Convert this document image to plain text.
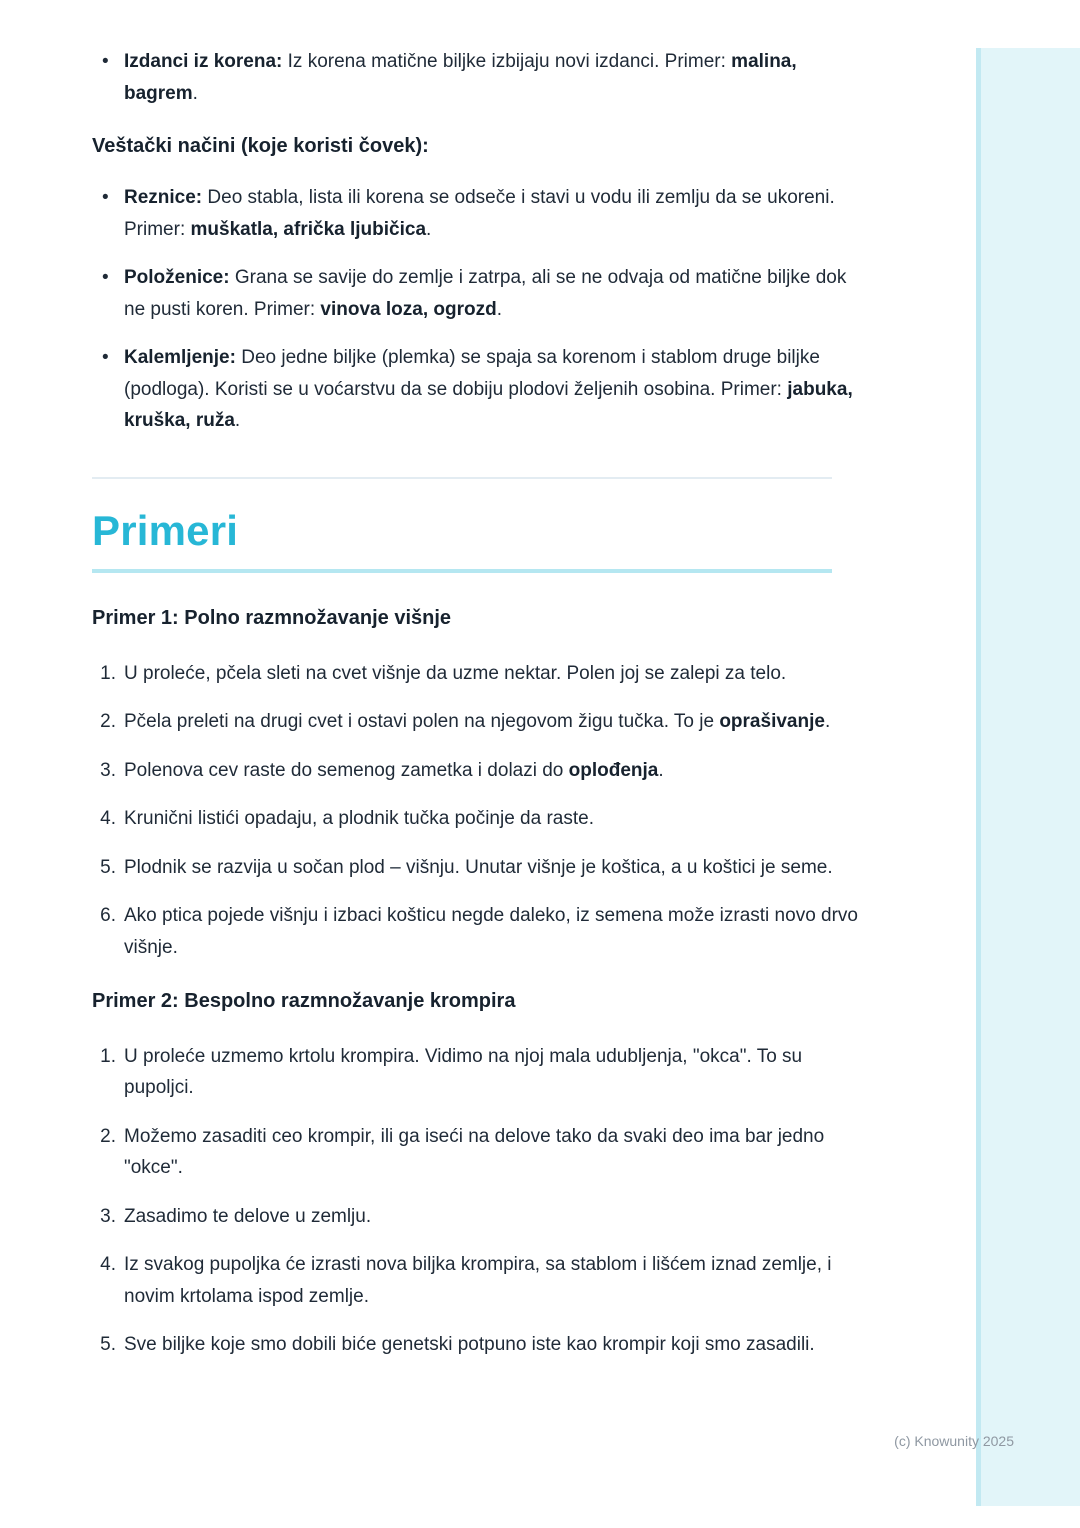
• Izdanci iz korena: Iz korena matične biljke izbijaju novi izdanci. Primer: malina, bagrem.
Veštački načini (koje koristi čovek):
• Reznice: Deo stabla, lista ili korena se odseče i stavi u vodu ili zemlju da se ukoreni. Primer: muškatla, afrička ljubičica.
• Položenice: Grana se savije do zemlje i zatrpa, ali se ne odvaja od matične biljke dok ne pusti koren. Primer: vinova loza, ogrozd.
• Kalemljenje: Deo jedne biljke (plemka) se spaja sa korenom i stablom druge biljke (podloga). Koristi se u voćarstvu da se dobiju plodovi željenih osobina. Primer: jabuka, kruška, ruža.
Primeri
Primer 1: Polno razmnožavanje višnje
U proleće, pčela sleti na cvet višnje da uzme nektar. Polen joj se zalepi za telo.
Pčela preleti na drugi cvet i ostavi polen na njegovom žigu tučka. To je oprašivanje.
Polenova cev raste do semenog zametka i dolazi do oplođenja.
Krunični listići opadaju, a plodnik tučka počinje da raste.
Plodnik se razvija u sočan plod – višnju. Unutar višnje je koštica, a u koštici je seme.
Ako ptica pojede višnju i izbaci košticu negde daleko, iz semena može izrasti novo drvo višnje.
Primer 2: Bespolno razmnožavanje krompira
U proleće uzmemo krtolu krompira. Vidimo na njoj mala udubljenja, "okca". To su pupoljci.
Možemo zasaditi ceo krompir, ili ga iseći na delove tako da svaki deo ima bar jedno "okce".
Zasadimo te delove u zemlju.
Iz svakog pupoljka će izrasti nova biljka krompira, sa stablom i lišćem iznad zemlje, i novim krtolama ispod zemlje.
Sve biljke koje smo dobili biće genetski potpuno iste kao krompir koji smo zasadili.
(c) Knowunity 2025
